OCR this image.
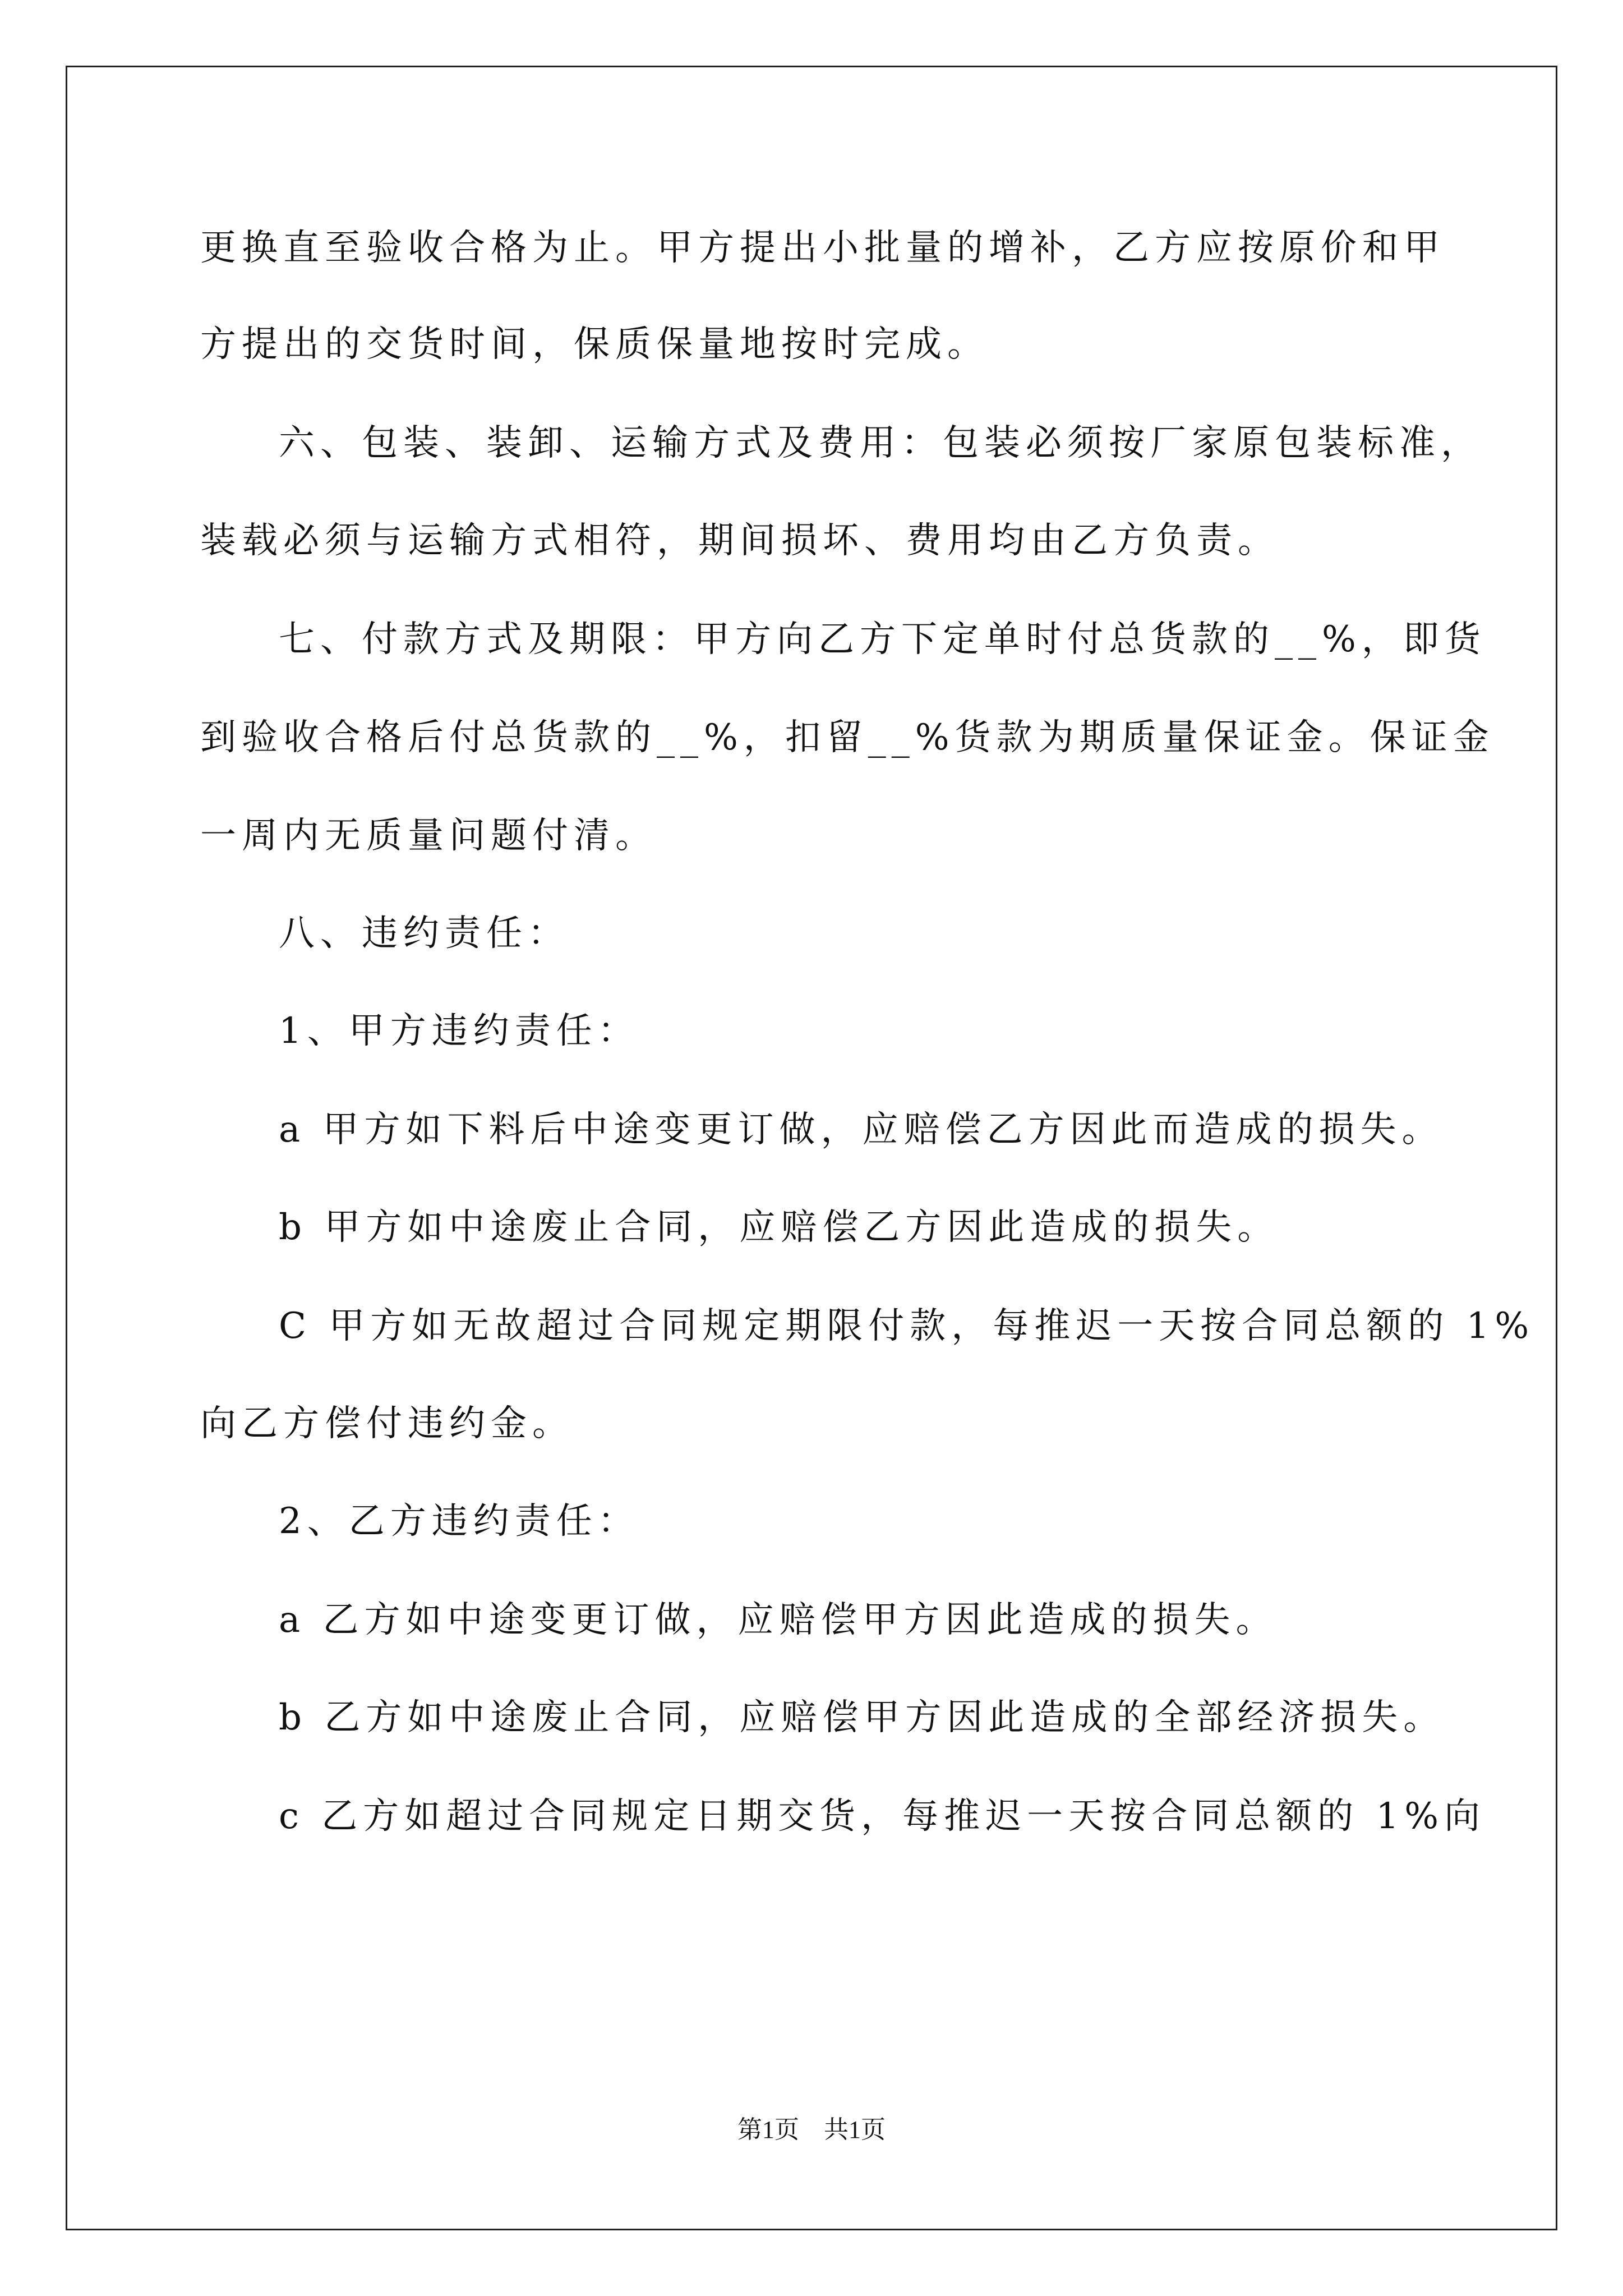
更换直至验收合格为止。甲方提出小批量的增补，乙方应按原价和甲
方提出的交货时间，保质保量地按时完成。
六、包装、装卸、运输方式及费用：包装必须按厂家原包装标准，
装载必须与运输方式相符，期间损坏、费用均由乙方负责。
七、付款方式及期限：甲方向乙方下定单时付总货款的__%，即货
到验收合格后付总货款的__%，扣留__%货款为期质量保证金。保证金
一周内无质量问题付清。
八、违约责任：
1、甲方违约责任：
a 甲方如下料后中途变更订做，应赔偿乙方因此而造成的损失。
b 甲方如中途废止合同，应赔偿乙方因此造成的损失。
C 甲方如无故超过合同规定期限付款，每推迟一天按合同总额的 1%
向乙方偿付违约金。
2、乙方违约责任：
a 乙方如中途变更订做，应赔偿甲方因此造成的损失。
b 乙方如中途废止合同，应赔偿甲方因此造成的全部经济损失。
c 乙方如超过合同规定日期交货，每推迟一天按合同总额的 1%向
第1页　共1页
